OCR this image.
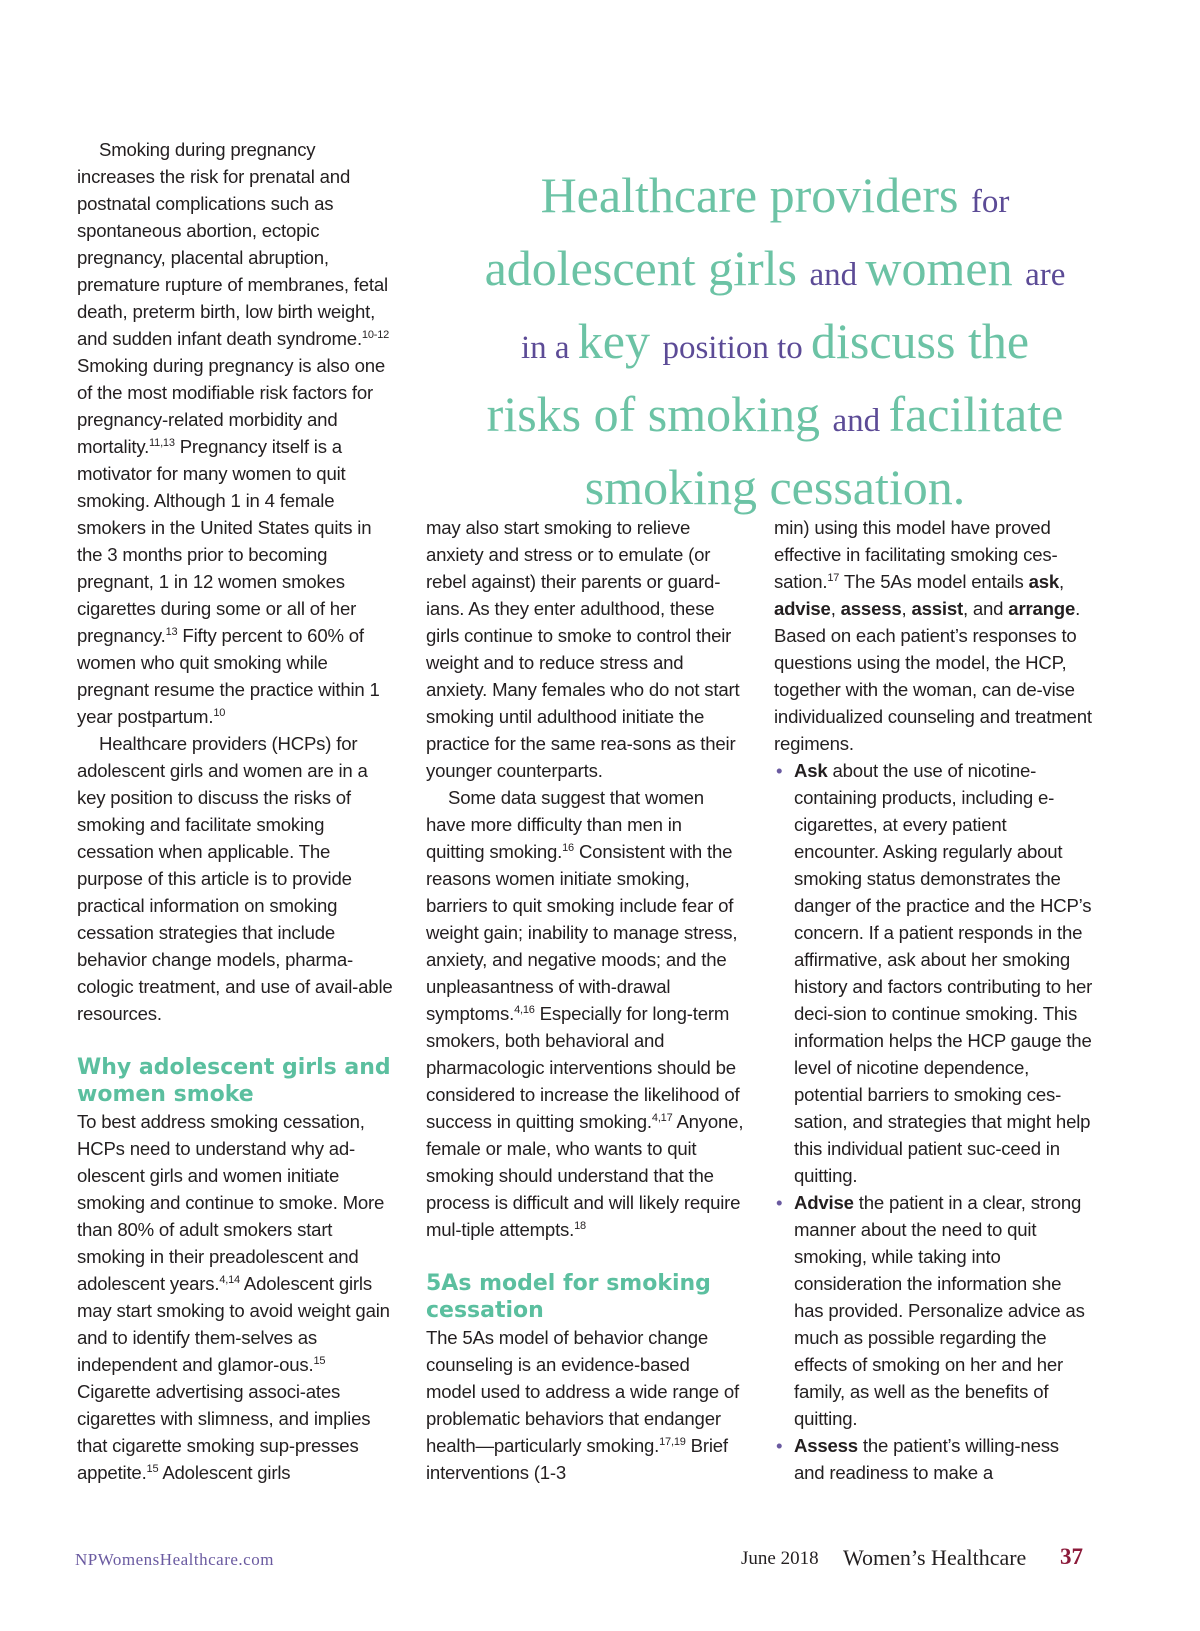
Healthcare providers for
adolescent girls and women are
in a key position to discuss the
risks of smoking and facilitate
smoking cessation.

Smoking during pregnancy increases the risk for prenatal and postnatal complications such as spontaneous abortion, ectopic pregnancy, placental abruption, premature rupture of membranes, fetal death, preterm birth, low birth weight, and sudden infant death syndrome.$^{10-12}$ Smoking during pregnancy is also one of the most modifiable risk factors for pregnancy-related morbidity and mortality.$^{11,13}$ Pregnancy itself is a motivator for many women to quit smoking. Although 1 in 4 female smokers in the United States quits in the 3 months prior to becoming pregnant, 1 in 12 women smokes cigarettes during some or all of her pregnancy.$^{13}$ Fifty percent to 60% of women who quit smoking while pregnant resume the practice within 1 year postpartum.$^{10}$

Healthcare providers (HCPs) for adolescent girls and women are in a key position to discuss the risks of smoking and facilitate smoking cessation when applicable. The purpose of this article is to provide practical information on smoking cessation strategies that include behavior change models, pharma-cologic treatment, and use of avail-able resources.

Why adolescent girls and women smoke

To best address smoking cessation, HCPs need to understand why ad-olescent girls and women initiate smoking and continue to smoke. More than 80% of adult smokers start smoking in their preadolescent and adolescent years.$^{4,14}$ Adolescent girls may start smoking to avoid weight gain and to identify them-selves as independent and glamor-ous.$^{15}$ Cigarette advertising associ-ates cigarettes with slimness, and implies that cigarette smoking sup-presses appetite.$^{15}$ Adolescent girls

may also start smoking to relieve anxiety and stress or to emulate (or rebel against) their parents or guard-ians. As they enter adulthood, these girls continue to smoke to control their weight and to reduce stress and anxiety. Many females who do not start smoking until adulthood initiate the practice for the same rea-sons as their younger counterparts.

Some data suggest that women have more difficulty than men in quitting smoking.$^{16}$ Consistent with the reasons women initiate smoking, barriers to quit smoking include fear of weight gain; inability to manage stress, anxiety, and negative moods; and the unpleasantness of with-drawal symptoms.$^{4,16}$ Especially for long-term smokers, both behavioral and pharmacologic interventions should be considered to increase the likelihood of success in quitting smoking.$^{4,17}$ Anyone, female or male, who wants to quit smoking should understand that the process is difficult and will likely require mul-tiple attempts.$^{18}$

5As model for smoking cessation

The 5As model of behavior change counseling is an evidence-based model used to address a wide range of problematic behaviors that endanger health—particularly smoking.$^{17,19}$ Brief interventions (1-3

min) using this model have proved effective in facilitating smoking ces-sation.$^{17}$ The 5As model entails ask, advise, assess, assist, and arrange. Based on each patient’s responses to questions using the model, the HCP, together with the woman, can de-vise individualized counseling and treatment regimens.

• Ask about the use of nicotine-containing products, including e-cigarettes, at every patient encounter. Asking regularly about smoking status demonstrates the danger of the practice and the HCP’s concern. If a patient responds in the affirmative, ask about her smoking history and factors contributing to her deci-sion to continue smoking. This information helps the HCP gauge the level of nicotine dependence, potential barriers to smoking ces-sation, and strategies that might help this individual patient suc-ceed in quitting.
• Advise the patient in a clear, strong manner about the need to quit smoking, while taking into consideration the information she has provided. Personalize advice as much as possible regarding the effects of smoking on her and her family, as well as the benefits of quitting.
• Assess the patient’s willing-ness and readiness to make a
NPWomensHealthcare.com	June 2018 Women’s Healthcare 37
